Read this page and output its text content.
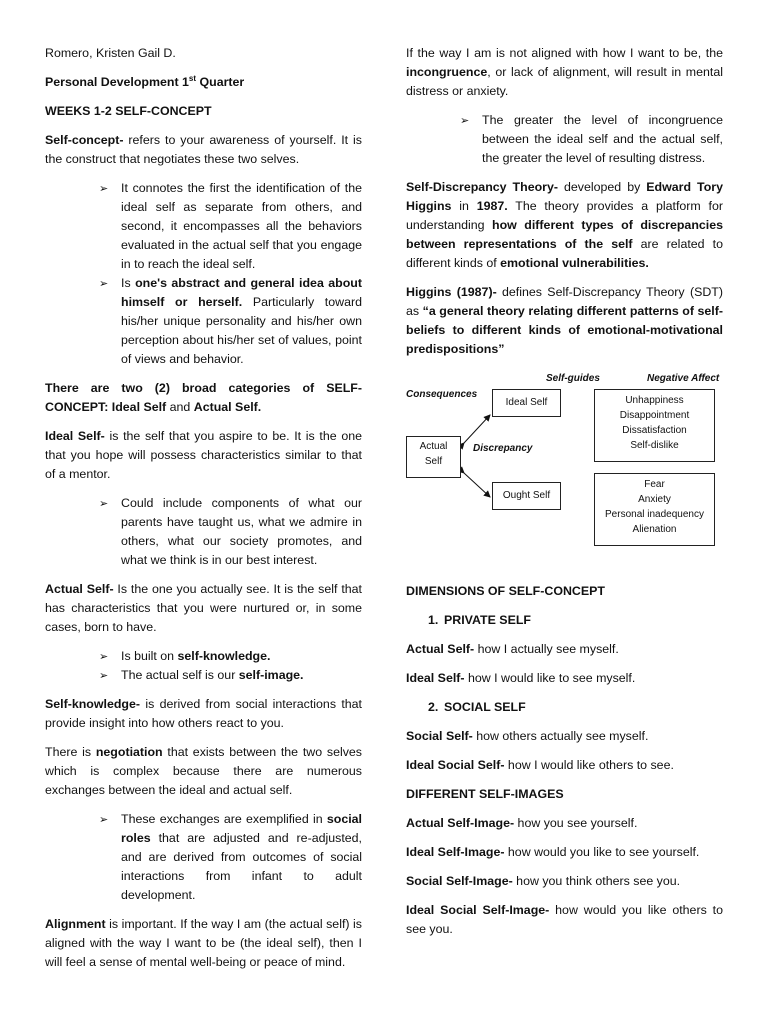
Romero, Kristen Gail D.

Personal Development 1st Quarter

WEEKS 1-2 SELF-CONCEPT

Self-concept- refers to your awareness of yourself. It is the construct that negotiates these two selves.

➢ It connotes the first the identification of the ideal self as separate from others, and second, it encompasses all the behaviors evaluated in the actual self that you engage in to reach the ideal self.
➢ Is one's abstract and general idea about himself or herself. Particularly toward his/her unique personality and his/her own perception about his/her set of values, point of views and behavior.

There are two (2) broad categories of SELF-CONCEPT: Ideal Self and Actual Self.

Ideal Self- is the self that you aspire to be. It is the one that you hope will possess characteristics similar to that of a mentor.

➢ Could include components of what our parents have taught us, what we admire in others, what our society promotes, and what we think is in our best interest.

Actual Self- Is the one you actually see. It is the self that has characteristics that you were nurtured or, in some cases, born to have.

➢ Is built on self-knowledge.
➢ The actual self is our self-image.

Self-knowledge- is derived from social interactions that provide insight into how others react to you.

There is negotiation that exists between the two selves which is complex because there are numerous exchanges between the ideal and actual self.

➢ These exchanges are exemplified in social roles that are adjusted and re-adjusted, and are derived from outcomes of social interactions from infant to adult development.

Alignment is important. If the way I am (the actual self) is aligned with the way I want to be (the ideal self), then I will feel a sense of mental well-being or peace of mind.

If the way I am is not aligned with how I want to be, the incongruence, or lack of alignment, will result in mental distress or anxiety.

➢ The greater the level of incongruence between the ideal self and the actual self, the greater the level of resulting distress.

Self-Discrepancy Theory- developed by Edward Tory Higgins in 1987. The theory provides a platform for understanding how different types of discrepancies between representations of the self are related to different kinds of emotional vulnerabilities.

Higgins (1987)- defines Self-Discrepancy Theory (SDT) as “a general theory relating different patterns of self-beliefs to different kinds of emotional-motivational predispositions”

Self-guides	Negative Affect
Consequences
Discrepancy
Actual
Self
Ideal Self
Ought Self
Unhappiness
Disappointment
Dissatisfaction
Self-dislike
Fear
Anxiety
Personal inadequency
Alienation

DIMENSIONS OF SELF-CONCEPT

1. PRIVATE SELF

Actual Self- how I actually see myself.

Ideal Self- how I would like to see myself.

2. SOCIAL SELF

Social Self- how others actually see myself.

Ideal Social Self- how I would like others to see.

DIFFERENT SELF-IMAGES

Actual Self-Image- how you see yourself.

Ideal Self-Image- how would you like to see yourself.

Social Self-Image- how you think others see you.

Ideal Social Self-Image- how would you like others to see you.
